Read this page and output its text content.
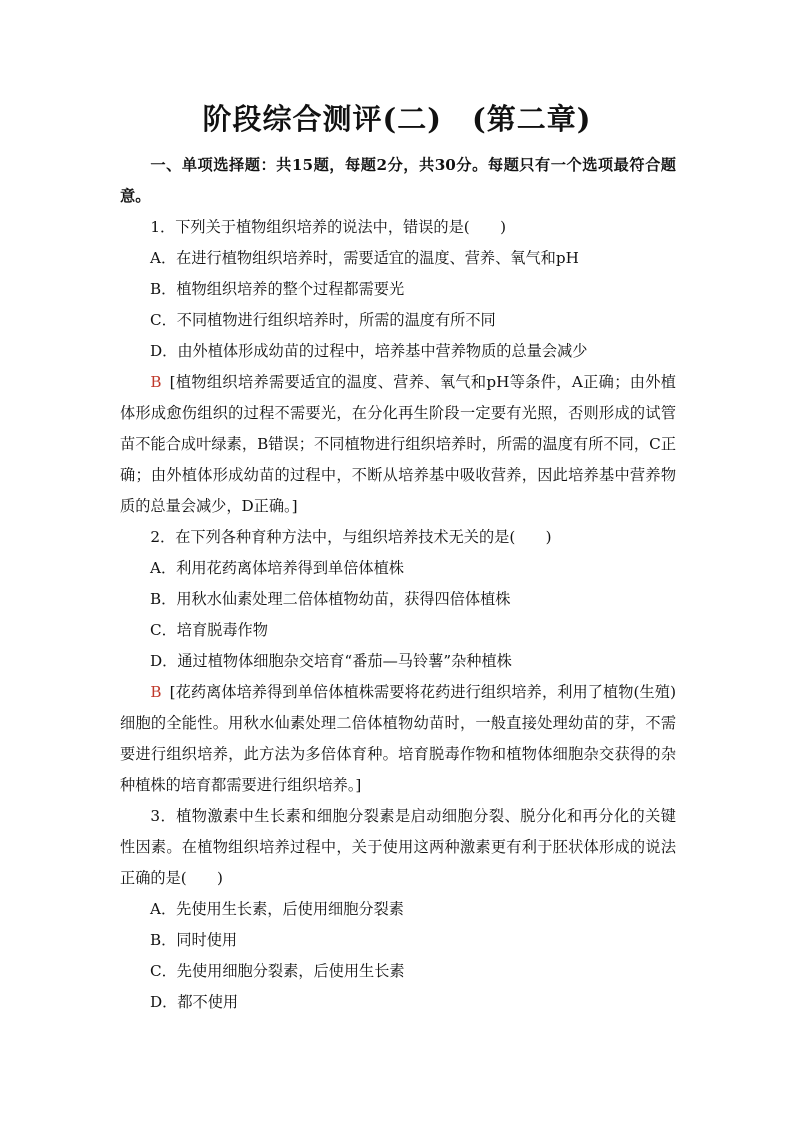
阶段综合测评(二)　(第二章)

一、单项选择题：共15题，每题2分，共30分。每题只有一个选项最符合题意。

1．下列关于植物组织培养的说法中，错误的是(　　)

A．在进行植物组织培养时，需要适宜的温度、营养、氧气和pH

B．植物组织培养的整个过程都需要光

C．不同植物进行组织培养时，所需的温度有所不同

D．由外植体形成幼苗的过程中，培养基中营养物质的总量会减少

B [植物组织培养需要适宜的温度、营养、氧气和pH等条件，A正确；由外植体形成愈伤组织的过程不需要光，在分化再生阶段一定要有光照，否则形成的试管苗不能合成叶绿素，B错误；不同植物进行组织培养时，所需的温度有所不同，C正确；由外植体形成幼苗的过程中，不断从培养基中吸收营养，因此培养基中营养物质的总量会减少，D正确。]

2．在下列各种育种方法中，与组织培养技术无关的是(　　)

A．利用花药离体培养得到单倍体植株

B．用秋水仙素处理二倍体植物幼苗，获得四倍体植株

C．培育脱毒作物

D．通过植物体细胞杂交培育“番茄—马铃薯”杂种植株

B [花药离体培养得到单倍体植株需要将花药进行组织培养，利用了植物(生殖)细胞的全能性。用秋水仙素处理二倍体植物幼苗时，一般直接处理幼苗的芽，不需要进行组织培养，此方法为多倍体育种。培育脱毒作物和植物体细胞杂交获得的杂种植株的培育都需要进行组织培养。]

3．植物激素中生长素和细胞分裂素是启动细胞分裂、脱分化和再分化的关键性因素。在植物组织培养过程中，关于使用这两种激素更有利于胚状体形成的说法正确的是(　　)

A．先使用生长素，后使用细胞分裂素

B．同时使用

C．先使用细胞分裂素，后使用生长素

D．都不使用
